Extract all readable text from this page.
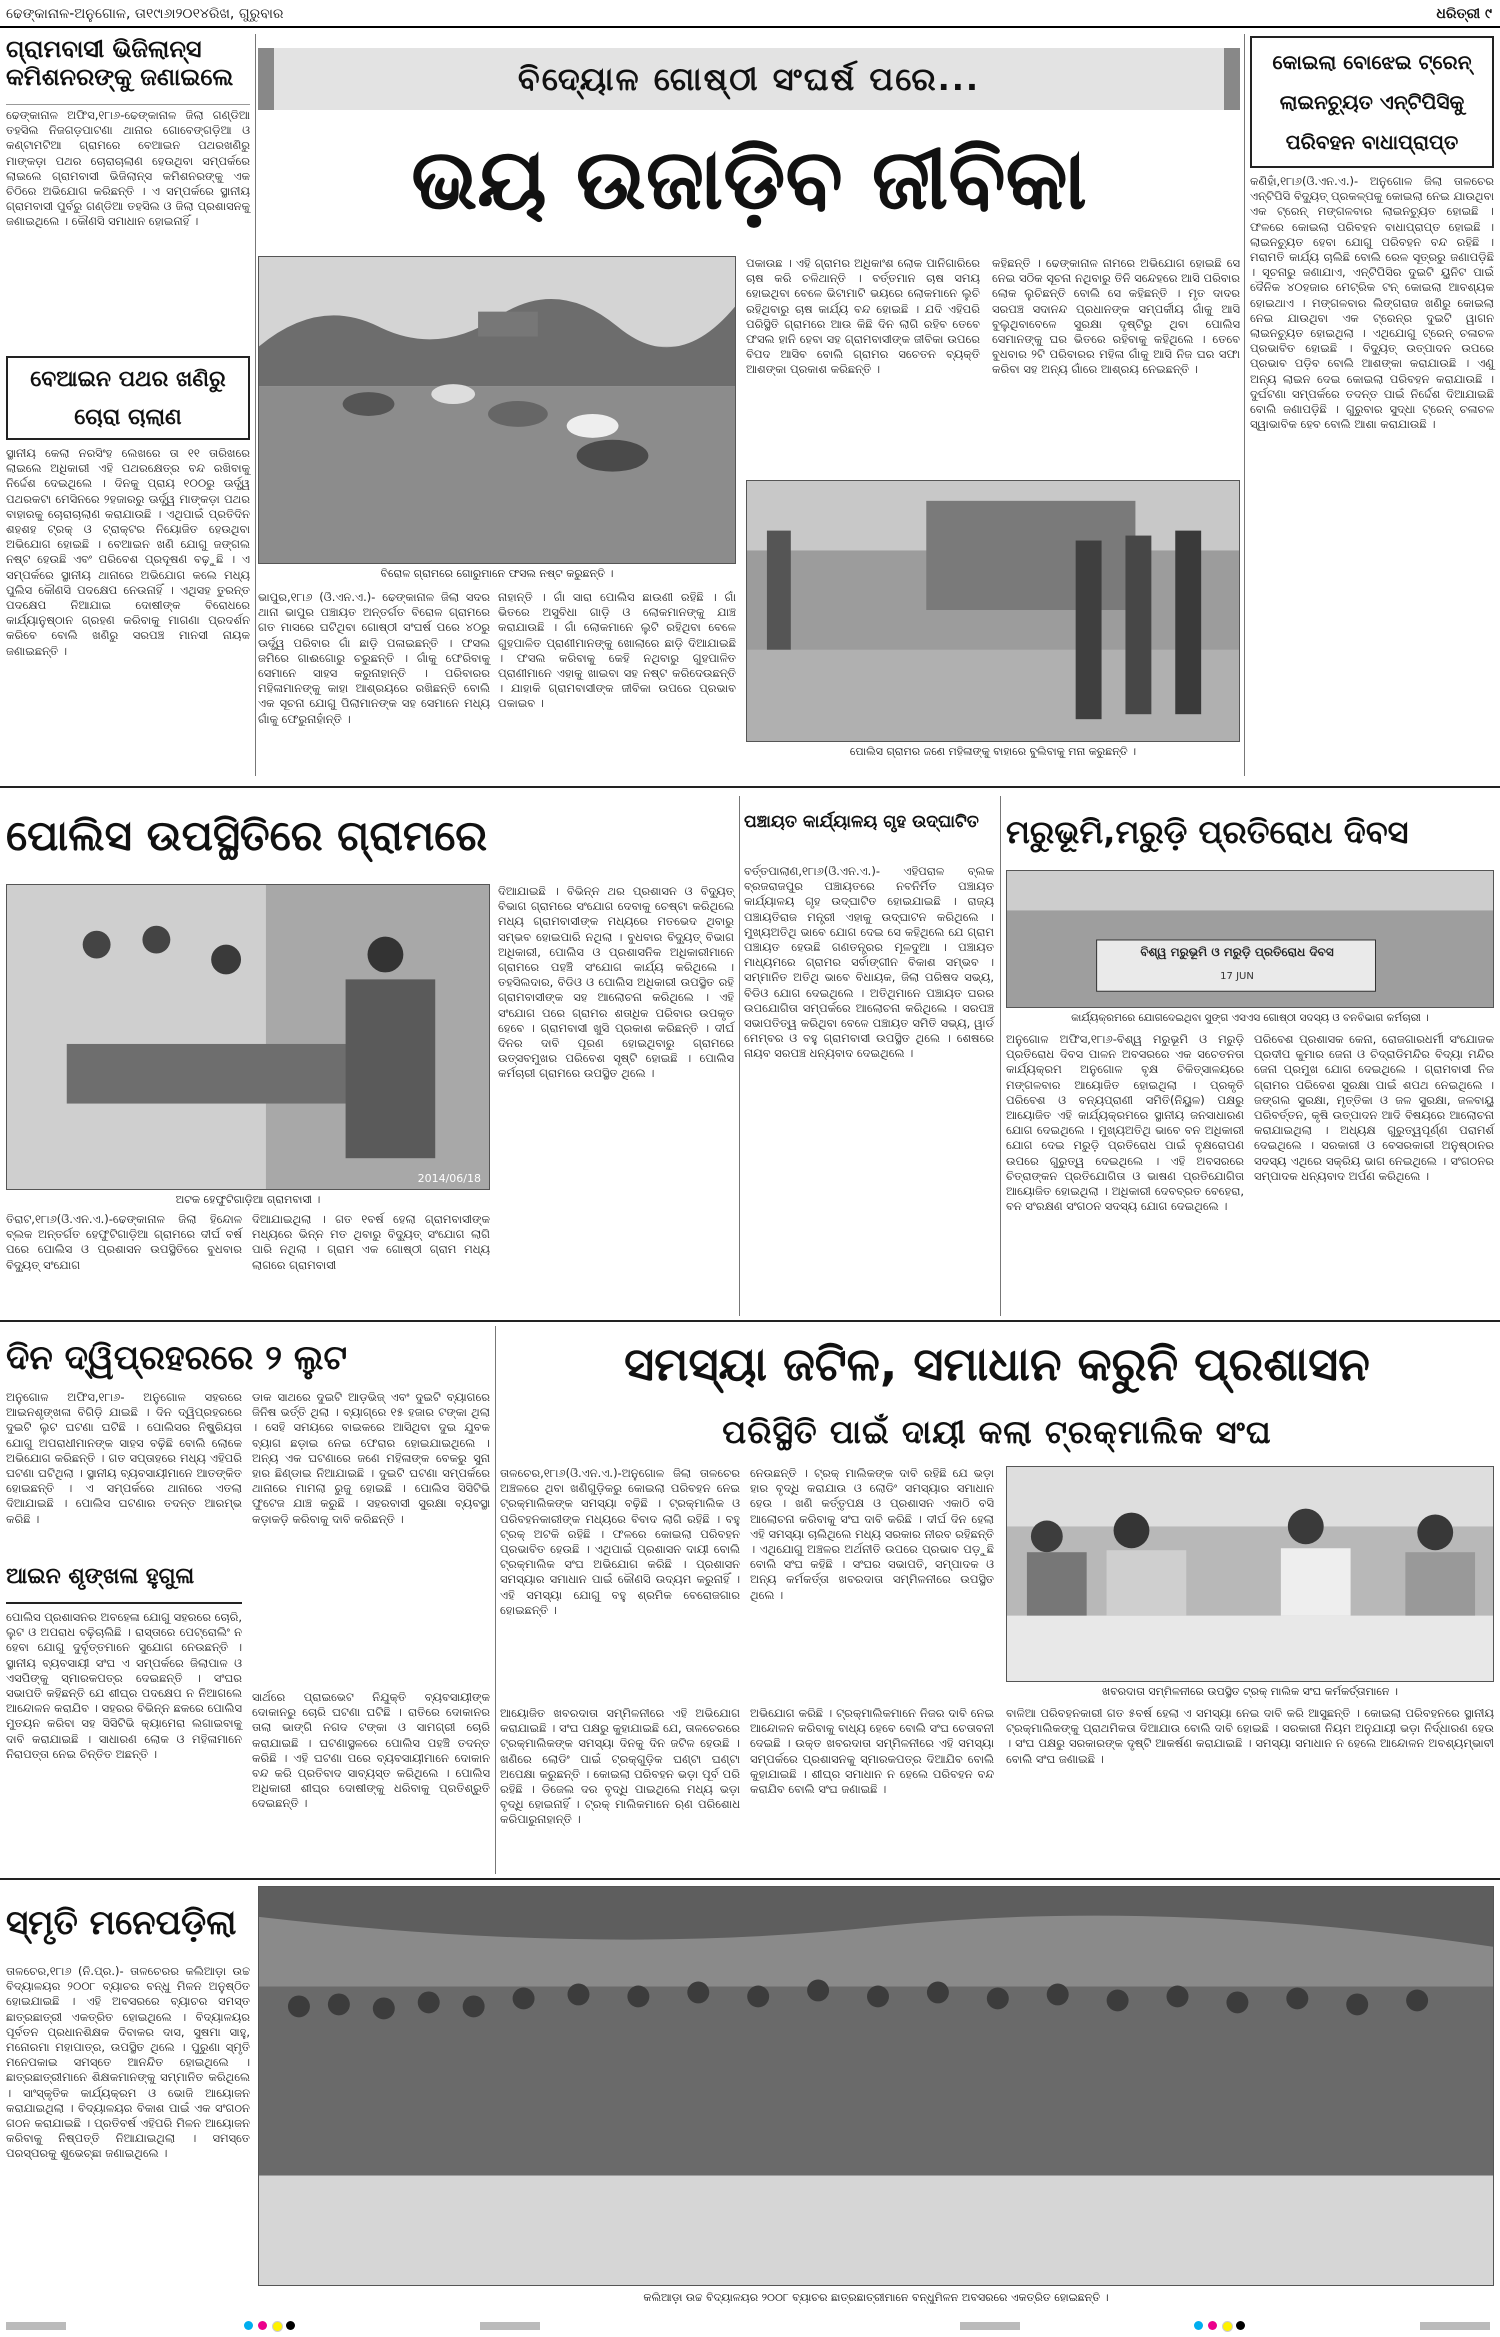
ଢେଙ୍କାନାଳ-ଅନୁଗୋଳ, ତା୧୯ା୬ା୨୦୧୪ରିଖ, ଗୁରୁବାର	ଧରିତ୍ରୀ ୯
ଗ୍ରାମବାସୀ ଭିଜିଲାନ୍ସ କମିଶନରଙ୍କୁ ଜଣାଇଲେ
ଢେଙ୍କାନାଳ ଅଫିସ,୧୮ା୬-ଢେଙ୍କାନାଳ ଜିଲା ଗଣ୍ଡିଆ ତହସିଲ ନିଜଗଡ଼ପାଟଣା ଥାନାର ଗୋବେଙ୍ଗଡ଼ିଆ ଓ କଣ୍ଟାମଟିଆ ଗ୍ରାମରେ ବେଆଇନ ପଥରଖଣିରୁ ମାଙ୍କଡ଼ା ପଥର ଚୋରାଚାଲାଣ ହେଉଥିବା ସମ୍ପର୍କରେ ଲାଇଲେ ଗ୍ରାମବାସୀ ଭିଜିଲାନ୍ସ କମିଶନରଙ୍କୁ ଏକ ଚିଠିରେ ଅଭିଯୋଗ କରିଛନ୍ତି । ଏ ସମ୍ପର୍କରେ ସ୍ଥାନୀୟ ଗ୍ରାମବାସୀ ପୁର୍ବରୁ ଗଣ୍ଡିଆ ତହସିଲ ଓ ଜିଲା ପ୍ରଶାସନକୁ ଜଣାଇଥିଲେ । କୌଣସି ସମାଧାନ ହୋଇନାହିଁ ।
ବେଆଇନ ପଥର ଖଣିରୁ ଚୋରା ଚାଲାଣ
ସ୍ଥାନୀୟ କେଲା ନରସିଂହ ଲେଖରେ ତା ୧୧ ତାରିଖରେ ଲାଇଲେ ଅଧିକାରୀ ଏହି ପଥରକ୍ଷେତ୍ର ବନ୍ଦ ରଖିବାକୁ ନିର୍ଦ୍ଦେଶ ଦେଇଥିଲେ । ଦିନକୁ ପ୍ରାୟ ୧୦୦ରୁ ଊର୍ଦ୍ଧ୍ୱ ପଥରକଟା ମେସିନରେ ୨ହଜାରରୁ ଊର୍ଦ୍ଧ୍ୱ ମାଙ୍କଡ଼ା ପଥର ବାହାରକୁ ଚୋରାଚାଲାଣ କରାଯାଉଛି । ଏଥିପାଇଁ ପ୍ରତିଦିନ ଶହଶହ ଟ୍ରକ୍ ଓ ଟ୍ରାକ୍ଟର ନିୟୋଜିତ ହେଉଥିବା ଅଭିଯୋଗ ହୋଇଛି । ବେଆଇନ ଖଣି ଯୋଗୁ ଜଙ୍ଗଲ ନଷ୍ଟ ହେଉଛି ଏବଂ ପରିବେଶ ପ୍ରଦୂଷଣ ବଢ଼ୁଛି । ଏ ସମ୍ପର୍କରେ ସ୍ଥାନୀୟ ଥାନାରେ ଅଭିଯୋଗ କଲେ ମଧ୍ୟ ପୁଲିସ କୌଣସି ପଦକ୍ଷେପ ନେଉନାହିଁ । ଏଥିସହ ତୁରନ୍ତ ପଦକ୍ଷେପ ନିଆଯାଇ ଦୋଷୀଙ୍କ ବିରୋଧରେ କାର୍ଯ୍ୟାନୁଷ୍ଠାନ ଗ୍ରହଣ କରିବାକୁ ମାଗଣା ପ୍ରଦର୍ଶନ କରିବେ ବୋଲି ଖଣିରୁ ସରପଞ୍ଚ ମାନସୀ ନାୟକ ଜଣାଇଛନ୍ତି ।
ବିଦ୍ୟୋଳ ଗୋଷ୍ଠୀ ସଂଘର୍ଷ ପରେ...
ଭୟ ଉଜାଡ଼ିବ ଜୀବିକା
ବିରୋଳ ଗ୍ରାମରେ ଗୋରୁମାନେ ଫସଲ ନଷ୍ଟ କରୁଛନ୍ତି ।
ଭାପୁର,୧୮ା୬ (ଓି.ଏନ.ଏ.)- ଢେଙ୍କାନାଳ ଜିଲା ସଦର ଥାନା ଭାପୁର ପଞ୍ଚାୟତ ଅନ୍ତର୍ଗତ ବିରୋଳ ଗ୍ରାମରେ ଗତ ମାସରେ ଘଟିଥିବା ଗୋଷ୍ଠୀ ସଂଘର୍ଷ ପରେ ୪୦ରୁ ଊର୍ଦ୍ଧ୍ୱ ପରିବାର ଗାଁ ଛାଡ଼ି ପଳାଇଛନ୍ତି । ଫସଲ ଜମିରେ ଗାଈଗୋରୁ ଚରୁଛନ୍ତି । ଗାଁକୁ ଫେରିବାକୁ ସେମାନେ ସାହସ କରୁନାହାନ୍ତି । ପରିବାରର ମହିଳାମାନଙ୍କୁ କାହା ଆଶ୍ରୟରେ ରଖିଛନ୍ତି ବୋଲି ଏକ ସୂଚନା ଯୋଗୁ ପିଲାମାନଙ୍କ ସହ ସେମାନେ ମଧ୍ୟ ଗାଁକୁ ଫେରୁନାହାଁନ୍ତି ।
ନାହାନ୍ତି । ଗାଁ ସାରା ପୋଲିସ ଛାଉଣୀ ରହିଛି । ଗାଁ ଭିତରେ ଅସୁବିଧା ଗାଡ଼ି ଓ ଲୋକମାନଙ୍କୁ ଯାଞ୍ଚ କରାଯାଉଛି । ଗାଁ ଲୋକମାନେ ଲୁଟି ରହିଥିବା ବେଳେ ଗୁହପାଳିତ ପ୍ରାଣୀମାନଙ୍କୁ ଖୋଲାରେ ଛାଡ଼ି ଦିଆଯାଇଛି । ଫସଲ କରିବାକୁ କେହି ନଥିବାରୁ ଗୁହପାଳିତ ପ୍ରାଣୀମାନେ ଏହାକୁ ଖାଇବା ସହ ନଷ୍ଟ କରିଦେଉଛନ୍ତି । ଯାହାକି ଗ୍ରାମବାସୀଙ୍କ ଜୀବିକା ଉପରେ ପ୍ରଭାବ ପକାଇବ ।
ପକାଉଛ । ଏହି ଗ୍ରାମର ଅଧିକାଂଶ ଲୋକ ପାନିଗାରିରେ ଚାଷ କରି ଚଳିଥାନ୍ତି । ବର୍ତ୍ତମାନ ଚାଷ ସମୟ ହୋଇଥିବା ବେଳେ ଭିଟାମାଟି ଭୟରେ ଲୋକମାନେ ଲୁଚି ରହିଥିବାରୁ ଚାଷ କାର୍ଯ୍ୟ ବନ୍ଦ ହୋଇଛି । ଯଦି ଏହିପରି ପରିସ୍ଥିତି ଗ୍ରାମରେ ଆଉ କିଛି ଦିନ ଲାଗି ରହିବ ତେବେ ଫସଲ ହାନି ହେବା ସହ ଗ୍ରାମବାସୀଙ୍କ ଜୀବିକା ଉପରେ ବିପଦ ଆସିବ ବୋଲି ଗ୍ରାମର ସଚେତନ ବ୍ୟକ୍ତି ଆଶଙ୍କା ପ୍ରକାଶ କରିଛନ୍ତି ।
କହିଛନ୍ତି । ଢେଙ୍କାନାଳ ନାମରେ ଅଭିଯୋଗ ହୋଇଛି ସେ ନେଇ ସଠିକ ସୂଚନା ନଥିବାରୁ ତିନି ସନ୍ଦେହରେ ଆସି ପରିବାର ଲୋକ ଲୁଚିଛନ୍ତି ବୋଲି ସେ କହିଛନ୍ତି । ମୃତ ଦାଦର ସରପଞ୍ଚ ସଦାନନ୍ଦ ପ୍ରଧାନଙ୍କ ସମ୍ପର୍କୀୟ ଗାଁକୁ ଆସି ବୁଲୁଥିବାବେଳେ ସୁରକ୍ଷା ଦୃଷ୍ଟିରୁ ଥିବା ପୋଲିସ ସେମାନଙ୍କୁ ଘର ଭିତରେ ରହିବାକୁ କହିଥିଲେ । ତେବେ ବୁଧବାର ୨ଟି ପରିବାରର ମହିଳା ଗାଁକୁ ଆସି ନିଜ ଘର ସଫା କରିବା ସହ ଅନ୍ୟ ଗାଁରେ ଆଶ୍ରୟ ନେଇଛନ୍ତି ।
ପୋଲିସ ଗ୍ରାମର ଜଣେ ମହିଳାଙ୍କୁ ବାହାରେ ବୁଲିବାକୁ ମନା କରୁଛନ୍ତି ।
କୋଇଲା ବୋଝେଇ ଟ୍ରେନ୍ ଲାଇନଚ୍ୟୁତ ଏନ୍‌ଟିପିସିକୁ ପରିବହନ ବାଧାପ୍ରାପ୍ତ
କଣିହାଁ,୧୮ା୬(ଓି.ଏନ.ଏ.)- ଅନୁଗୋଳ ଜିଲା ତାଳଚେର ଏନ୍‌ଟିପିସି ବିଦ୍ୟୁତ୍ ପ୍ରକଳ୍ପକୁ କୋଇଲା ନେଇ ଯାଉଥିବା ଏକ ଟ୍ରେନ୍ ମଙ୍ଗଳବାର ଲାଇନଚ୍ୟୁତ ହୋଇଛି । ଫଳରେ କୋଇଲା ପରିବହନ ବାଧାପ୍ରାପ୍ତ ହୋଇଛି । ଲାଇନଚ୍ୟୁତ ହେବା ଯୋଗୁ ପରିବହନ ବନ୍ଦ ରହିଛି । ମରାମତି କାର୍ଯ୍ୟ ଚାଲିଛି ବୋଲି ରେଳ ସୂତ୍ରରୁ ଜଣାପଡ଼ିଛି । ସୂଚନାରୁ ଜଣାଯାଏ, ଏନ୍‌ଟିପିସିର ଦୁଇଟି ୟୁନିଟ ପାଇଁ ଦୈନିକ ୪୦ହଜାର ମେଟ୍ରିକ ଟନ୍ କୋଇଲା ଆବଶ୍ୟକ ହୋଇଥାଏ । ମଙ୍ଗଳବାର ଲିଙ୍ଗରାଜ ଖଣିରୁ କୋଇଲା ନେଇ ଯାଉଥିବା ଏକ ଟ୍ରେନ୍‌ର ଦୁଇଟି ୱାଗନ ଲାଇନଚ୍ୟୁତ ହୋଇଥିଲା । ଏଥିଯୋଗୁ ଟ୍ରେନ୍ ଚଳାଚଳ ପ୍ରଭାବିତ ହୋଇଛି । ବିଦ୍ୟୁତ୍ ଉତ୍ପାଦନ ଉପରେ ପ୍ରଭାବ ପଡ଼ିବ ବୋଲି ଆଶଙ୍କା କରାଯାଉଛି । ଏଣୁ ଅନ୍ୟ ଲାଇନ ଦେଇ କୋଇଲା ପରିବହନ କରାଯାଉଛି । ଦୁର୍ଘଟଣା ସମ୍ପର୍କରେ ତଦନ୍ତ ପାଇଁ ନିର୍ଦ୍ଦେଶ ଦିଆଯାଇଛି ବୋଲି ଜଣାପଡ଼ିଛି । ଗୁରୁବାର ସୁଦ୍ଧା ଟ୍ରେନ୍ ଚଳାଚଳ ସ୍ୱାଭାବିକ ହେବ ବୋଲି ଆଶା କରାଯାଉଛି ।
ପୋଲିସ ଉପସ୍ଥିତିରେ ଗ୍ରାମରେ
2014/06/18
ଅଟକ ହେଫୁଟିଗାଡ଼ିଆ ଗ୍ରାମବାସୀ ।
ତିରାଟ,୧୮ା୬(ଓି.ଏନ.ଏ.)-ଢେଙ୍କାନାଳ ଜିଲା ହିନ୍ଦୋଳ ବ୍ଲକ ଅନ୍ତର୍ଗତ ହେଫୁଟିଗାଡ଼ିଆ ଗ୍ରାମରେ ଦୀର୍ଘ ବର୍ଷ ପରେ ପୋଲିସ ଓ ପ୍ରଶାସନ ଉପସ୍ଥିତିରେ ବୁଧବାର ବିଦ୍ୟୁତ୍ ସଂଯୋଗ
ଦିଆଯାଇଥିଲା । ଗତ ୧ବର୍ଷ ହେଲା ଗ୍ରାମବାସୀଙ୍କ ମଧ୍ୟରେ ଭିନ୍ନ ମତ ଥିବାରୁ ବିଦ୍ୟୁତ୍ ସଂଯୋଗ ଲାଗି ପାରି ନଥିଲା । ଗ୍ରାମ ଏକ ଗୋଷ୍ଠୀ ଗ୍ରାମ ମଧ୍ୟ ଲାଗରେ ଗ୍ରାମବାସୀ
ଦିଆଯାଇଛି । ବିଭିନ୍ନ ଥର ପ୍ରଶାସନ ଓ ବିଦ୍ୟୁତ୍ ବିଭାଗ ଗ୍ରାମରେ ସଂଯୋଗ ଦେବାକୁ ଚେଷ୍ଟା କରିଥିଲେ ମଧ୍ୟ ଗ୍ରାମବାସୀଙ୍କ ମଧ୍ୟରେ ମତଭେଦ ଥିବାରୁ ସମ୍ଭବ ହୋଇପାରି ନଥିଲା । ବୁଧବାର ବିଦ୍ୟୁତ୍ ବିଭାଗ ଅଧିକାରୀ, ପୋଲିସ ଓ ପ୍ରଶାସନିକ ଅଧିକାରୀମାନେ ଗ୍ରାମରେ ପହଞ୍ଚି ସଂଯୋଗ କାର୍ଯ୍ୟ କରିଥିଲେ । ତହସିଲଦାର, ବିଡିଓ ଓ ପୋଲିସ ଅଧିକାରୀ ଉପସ୍ଥିତ ରହି ଗ୍ରାମବାସୀଙ୍କ ସହ ଆଲୋଚନା କରିଥିଲେ । ଏହି ସଂଯୋଗ ପରେ ଗ୍ରାମର ଶତାଧିକ ପରିବାର ଉପକୃତ ହେବେ । ଗ୍ରାମବାସୀ ଖୁସି ପ୍ରକାଶ କରିଛନ୍ତି । ଦୀର୍ଘ ଦିନର ଦାବି ପୂରଣ ହୋଇଥିବାରୁ ଗ୍ରାମରେ ଉତ୍ସବମୁଖର ପରିବେଶ ସୃଷ୍ଟି ହୋଇଛି । ପୋଲିସ କର୍ମଚାରୀ ଗ୍ରାମରେ ଉପସ୍ଥିତ ଥିଲେ ।
ପଞ୍ଚାୟତ କାର୍ଯ୍ୟାଳୟ ଗୃହ ଉଦ୍‌ଘାଟିତ
ବର୍ତ୍ତପାଲାଣ,୧୮ା୬(ଓି.ଏନ.ଏ.)- ଏହିପରାଳ ବ୍ଲକ ବ୍ରଜରାଜପୁର ପଞ୍ଚାୟତରେ ନବନିର୍ମିତ ପଞ୍ଚାୟତ କାର୍ଯ୍ୟାଳୟ ଗୃହ ଉଦ୍‌ଘାଟିତ ହୋଇଯାଇଛି । ରାଜ୍ୟ ପଞ୍ଚାୟତିରାଜ ମନ୍ତ୍ରୀ ଏହାକୁ ଉଦ୍‌ଘାଟନ କରିଥିଲେ । ମୁଖ୍ୟଅତିଥି ଭାବେ ଯୋଗ ଦେଇ ସେ କହିଥିଲେ ଯେ ଗ୍ରାମ ପଞ୍ଚାୟତ ହେଉଛି ଗଣତନ୍ତ୍ରର ମୂଳଦୁଆ । ପଞ୍ଚାୟତ ମାଧ୍ୟମରେ ଗ୍ରାମର ସର୍ବାଙ୍ଗୀନ ବିକାଶ ସମ୍ଭବ । ସମ୍ମାନିତ ଅତିଥି ଭାବେ ବିଧାୟକ, ଜିଲା ପରିଷଦ ସଭ୍ୟ, ବିଡିଓ ଯୋଗ ଦେଇଥିଲେ । ଅତିଥିମାନେ ପଞ୍ଚାୟତ ଘରର ଉପଯୋଗିତା ସମ୍ପର୍କରେ ଆଲୋଚନା କରିଥିଲେ । ସରପଞ୍ଚ ସଭାପତିତ୍ୱ କରିଥିବା ବେଳେ ପଞ୍ଚାୟତ ସମିତି ସଭ୍ୟ, ୱାର୍ଡ ମେମ୍ବର ଓ ବହୁ ଗ୍ରାମବାସୀ ଉପସ୍ଥିତ ଥିଲେ । ଶେଷରେ ନାୟବ ସରପଞ୍ଚ ଧନ୍ୟବାଦ ଦେଇଥିଲେ ।
ମରୁଭୂମି,ମରୁଡ଼ି ପ୍ରତିରୋଧ ଦିବସ
ବିଶ୍ୱ ମରୁଭୂମି ଓ ମରୁଡ଼ି ପ୍ରତିରୋଧ ଦିବସ
17 JUN
କାର୍ଯ୍ୟକ୍ରମରେ ଯୋଗଦେଇଥିବା ସୁଙ୍ଗ ଏସଏସ ଗୋଷ୍ଠୀ ସଦସ୍ୟ ଓ ବନବିଭାଗ କର୍ମଚାରୀ ।
ଅନୁଗୋଳ ଅଫିସ,୧୮ା୬-ବିଶ୍ୱ ମରୁଭୂମି ଓ ମରୁଡ଼ି ପ୍ରତିରୋଧ ଦିବସ ପାଳନ ଅବସରରେ ଏକ ସଚେତନତା କାର୍ଯ୍ୟକ୍ରମ ଅନୁଗୋଳ ବୃକ୍ଷ ଚିକିତ୍ସାଳୟରେ ମଙ୍ଗଳବାର ଆୟୋଜିତ ହୋଇଥିଲା । ପ୍ରକୃତି ପରିବେଶ ଓ ବନ୍ୟପ୍ରାଣୀ ସମିତି(ନିୟୁଳ) ପକ୍ଷରୁ ଆୟୋଜିତ ଏହି କାର୍ଯ୍ୟକ୍ରମରେ ସ୍ଥାନୀୟ ଜନସାଧାରଣ ଯୋଗ ଦେଇଥିଲେ । ମୁଖ୍ୟଅତିଥି ଭାବେ ବନ ଅଧିକାରୀ ଯୋଗ ଦେଇ ମରୁଡ଼ି ପ୍ରତିରୋଧ ପାଇଁ ବୃକ୍ଷରୋପଣ ଉପରେ ଗୁରୁତ୍ୱ ଦେଇଥିଲେ । ଏହି ଅବସରରେ ଚିତ୍ରାଙ୍କନ ପ୍ରତିଯୋଗିତା ଓ ଭାଷଣ ପ୍ରତିଯୋଗିତା ଆୟୋଜିତ ହୋଇଥିଲା । ଅଧିକାରୀ ଦେବବ୍ରତ ବେହେରା, ବନ ସଂରକ୍ଷଣ ସଂଗଠନ ସଦସ୍ୟ ଯୋଗ ଦେଇଥିଲେ ।
ପରିବେଶ ପ୍ରଶାସକ କେନା, ରୋଜଗାରଧର୍ମୀ ସଂଯୋଜକ ପ୍ରଦୀପ କୁମାର ଜେନା ଓ ଚିଦ୍ରାଡିମନ୍ଦିର ବିଦ୍ୟା ମନ୍ଦିର ଜେନା ପ୍ରମୁଖ ଯୋଗ ଦେଇଥିଲେ । ଗ୍ରାମବାସୀ ନିଜ ଗ୍ରାମର ପରିବେଶ ସୁରକ୍ଷା ପାଇଁ ଶପଥ ନେଇଥିଲେ । ଜଙ୍ଗଲ ସୁରକ୍ଷା, ମୃତ୍ତିକା ଓ ଜଳ ସୁରକ୍ଷା, ଜଳବାୟୁ ପରିବର୍ତ୍ତନ, କୃଷି ଉତ୍ପାଦନ ଆଦି ବିଷୟରେ ଆଲୋଚନା କରାଯାଇଥିଲା । ଅଧ୍ୟକ୍ଷ ଗୁରୁତ୍ୱପୂର୍ଣ୍ଣ ପରାମର୍ଶ ଦେଇଥିଲେ । ସରକାରୀ ଓ ବେସରକାରୀ ଅନୁଷ୍ଠାନର ସଦସ୍ୟ ଏଥିରେ ସକ୍ରିୟ ଭାଗ ନେଇଥିଲେ । ସଂଗଠନର ସମ୍ପାଦକ ଧନ୍ୟବାଦ ଅର୍ପଣ କରିଥିଲେ ।
ଦିନ ଦ୍ୱିପ୍ରହରରେ ୨ ଲୁଟ
ଅନୁଗୋଳ ଅଫିସ,୧୮ା୬- ଅନୁଗୋଳ ସହରରେ ଆଇନଶୃଙ୍ଖଳା ବିଗିଡ଼ି ଯାଇଛି । ଦିନ ଦ୍ୱିପ୍ରହରରେ ଦୁଇଟି ଲୁଟ ଘଟଣା ଘଟିଛି । ପୋଲିସର ନିଷ୍କ୍ରିୟତା ଯୋଗୁ ଅପରାଧୀମାନଙ୍କ ସାହସ ବଢ଼ିଛି ବୋଲି ଲୋକେ ଅଭିଯୋଗ କରିଛନ୍ତି । ଗତ ସପ୍ତାହରେ ମଧ୍ୟ ଏହିପରି ଘଟଣା ଘଟିଥିଲା । ସ୍ଥାନୀୟ ବ୍ୟବସାୟୀମାନେ ଆତଙ୍କିତ ହୋଇଛନ୍ତି । ଏ ସମ୍ପର୍କରେ ଥାନାରେ ଏତଲା ଦିଆଯାଇଛି । ପୋଲିସ ଘଟଣାର ତଦନ୍ତ ଆରମ୍ଭ କରିଛି ।
ଆଇନ ଶୃଙ୍ଖଳା ହୁଗୁଳା
ପୋଲିସ ପ୍ରଶାସନର ଅବହେଳା ଯୋଗୁ ସହରରେ ଚୋରି, ଲୁଟ ଓ ଅପରାଧ ବଢ଼ିଚାଲିଛି । ରାସ୍ତାରେ ପେଟ୍ରୋଲିଂ ନ ହେବା ଯୋଗୁ ଦୁର୍ବୃତ୍ତମାନେ ସୁଯୋଗ ନେଉଛନ୍ତି । ସ୍ଥାନୀୟ ବ୍ୟବସାୟୀ ସଂଘ ଏ ସମ୍ପର୍କରେ ଜିଲାପାଳ ଓ ଏସପିଙ୍କୁ ସ୍ମାରକପତ୍ର ଦେଇଛନ୍ତି । ସଂଘର ସଭାପତି କହିଛନ୍ତି ଯେ ଶୀଘ୍ର ପଦକ୍ଷେପ ନ ନିଆଗଲେ ଆନ୍ଦୋଳନ କରାଯିବ । ସହରର ବିଭିନ୍ନ ଛକରେ ପୋଲିସ ମୁତୟନ କରିବା ସହ ସିସିଟିଭି କ୍ୟାମେରା ଲଗାଇବାକୁ ଦାବି କରାଯାଇଛି । ସାଧାରଣ ଲୋକ ଓ ମହିଳାମାନେ ନିରାପତ୍ତା ନେଇ ଚିନ୍ତିତ ଅଛନ୍ତି ।
ଡାକ ସାଥରେ ଦୁଇଟି ଆଡ଼ଭିଜ୍ ଏବଂ ଦୁଇଟି ବ୍ୟାଗରେ ଜିନିଷ ଭର୍ତ୍ତି ଥିଲା । ବ୍ୟାଗ୍‌ରେ ୧୫ ହଜାର ଟଙ୍କା ଥିଲା । ସେହି ସମୟରେ ବାଇକରେ ଆସିଥିବା ଦୁଇ ଯୁବକ ବ୍ୟାଗ ଛଡ଼ାଇ ନେଇ ଫେରାର ହୋଇଯାଇଥିଲେ । ଅନ୍ୟ ଏକ ଘଟଣାରେ ଜଣେ ମହିଳାଙ୍କ ବେକରୁ ସୁନା ହାର ଛିଣ୍ଡାଇ ନିଆଯାଇଛି । ଦୁଇଟି ଘଟଣା ସମ୍ପର୍କରେ ଥାନାରେ ମାମଲା ରୁଜୁ ହୋଇଛି । ପୋଲିସ ସିସିଟିଭି ଫୁଟେଜ ଯାଞ୍ଚ କରୁଛି । ସହରବାସୀ ସୁରକ୍ଷା ବ୍ୟବସ୍ଥା କଡ଼ାକଡ଼ି କରିବାକୁ ଦାବି କରିଛନ୍ତି ।
ସାର୍ଥରେ ପ୍ରାଇଭେଟ ନିଯୁକ୍ତି ବ୍ୟବସାୟୀଙ୍କ ଦୋକାନରୁ ଚୋରି ଘଟଣା ଘଟିଛି । ରାତିରେ ଦୋକାନର ତାଲା ଭାଙ୍ଗି ନଗଦ ଟଙ୍କା ଓ ସାମଗ୍ରୀ ଚୋରି କରାଯାଇଛି । ଘଟଣାସ୍ଥଳରେ ପୋଲିସ ପହଞ୍ଚି ତଦନ୍ତ କରିଛି । ଏହି ଘଟଣା ପରେ ବ୍ୟବସାୟୀମାନେ ଦୋକାନ ବନ୍ଦ କରି ପ୍ରତିବାଦ ସାବ୍ୟସ୍ତ କରିଥିଲେ । ପୋଲିସ ଅଧିକାରୀ ଶୀଘ୍ର ଦୋଷୀଙ୍କୁ ଧରିବାକୁ ପ୍ରତିଶ୍ରୁତି ଦେଇଛନ୍ତି ।
ସମସ୍ୟା ଜଟିଳ, ସମାଧାନ କରୁନି ପ୍ରଶାସନ
ପରିସ୍ଥିତି ପାଇଁ ଦାୟୀ କଲା ଟ୍ରକ୍‌ମାଲିକ ସଂଘ
ତାଳଚେର,୧୮ା୬(ଓି.ଏନ.ଏ.)-ଅନୁଗୋଳ ଜିଲା ତାଳଚେର ଅଞ୍ଚଳରେ ଥିବା ଖଣିଗୁଡ଼ିକରୁ କୋଇଲା ପରିବହନ ନେଇ ଟ୍ରକ୍‌ମାଲିକଙ୍କ ସମସ୍ୟା ବଢ଼ିଛି । ଟ୍ରକ୍‌ମାଲିକ ଓ ପରିବହନକାରୀଙ୍କ ମଧ୍ୟରେ ବିବାଦ ଲାଗି ରହିଛି । ବହୁ ଟ୍ରକ୍ ଅଟକି ରହିଛି । ଫଳରେ କୋଇଲା ପରିବହନ ପ୍ରଭାବିତ ହେଉଛି । ଏଥିପାଇଁ ପ୍ରଶାସନ ଦାୟୀ ବୋଲି ଟ୍ରକ୍‌ମାଲିକ ସଂଘ ଅଭିଯୋଗ କରିଛି । ପ୍ରଶାସନ ସମସ୍ୟାର ସମାଧାନ ପାଇଁ କୌଣସି ଉଦ୍ୟମ କରୁନାହିଁ । ଏହି ସମସ୍ୟା ଯୋଗୁ ବହୁ ଶ୍ରମିକ ବେରୋଜଗାର ହୋଇଛନ୍ତି ।
ନେଉଛନ୍ତି । ଟ୍ରକ୍ ମାଲିକଙ୍କ ଦାବି ରହିଛି ଯେ ଭଡ଼ା ହାର ବୃଦ୍ଧି କରାଯାଉ ଓ ଲୋଡିଂ ସମସ୍ୟାର ସମାଧାନ ହେଉ । ଖଣି କର୍ତ୍ତୃପକ୍ଷ ଓ ପ୍ରଶାସନ ଏକାଠି ବସି ଆଲୋଚନା କରିବାକୁ ସଂଘ ଦାବି କରିଛି । ଦୀର୍ଘ ଦିନ ହେଲା ଏହି ସମସ୍ୟା ଚାଲିଥିଲେ ମଧ୍ୟ ସରକାର ନୀରବ ରହିଛନ୍ତି । ଏଥିଯୋଗୁ ଅଞ୍ଚଳର ଅର୍ଥନୀତି ଉପରେ ପ୍ରଭାବ ପଡ଼ୁଛି ବୋଲି ସଂଘ କହିଛି । ସଂଘର ସଭାପତି, ସମ୍ପାଦକ ଓ ଅନ୍ୟ କର୍ମକର୍ତ୍ତା ଖବରଦାତା ସମ୍ମିଳନୀରେ ଉପସ୍ଥିତ ଥିଲେ ।
ଖବରଦାତା ସମ୍ମିଳନୀରେ ଉପସ୍ଥିତ ଟ୍ରକ୍ ମାଲିକ ସଂଘ କର୍ମକର୍ତ୍ତାମାନେ ।
ଆୟୋଜିତ ଖବରଦାତା ସମ୍ମିଳନୀରେ ଏହି ଅଭିଯୋଗ କରାଯାଇଛି । ସଂଘ ପକ୍ଷରୁ କୁହାଯାଇଛି ଯେ, ତାଳଚେରରେ ଟ୍ରକ୍‌ମାଲିକଙ୍କ ସମସ୍ୟା ଦିନକୁ ଦିନ ଜଟିଳ ହେଉଛି । ଖଣିରେ ଲୋଡିଂ ପାଇଁ ଟ୍ରକ୍‌ଗୁଡ଼ିକ ଘଣ୍ଟା ଘଣ୍ଟା ଅପେକ୍ଷା କରୁଛନ୍ତି । କୋଇଲା ପରିବହନ ଭଡ଼ା ପୂର୍ବ ପରି ରହିଛି । ଡିଜେଲ ଦର ବୃଦ୍ଧି ପାଇଥିଲେ ମଧ୍ୟ ଭଡ଼ା ବୃଦ୍ଧି ହୋଇନାହିଁ । ଟ୍ରକ୍ ମାଲିକମାନେ ଋଣ ପରିଶୋଧ କରିପାରୁନାହାନ୍ତି ।
ଅଭିଯୋଗ କରିଛି । ଟ୍ରକ୍‌ମାଲିକମାନେ ନିଜର ଦାବି ନେଇ ଆନ୍ଦୋଳନ କରିବାକୁ ବାଧ୍ୟ ହେବେ ବୋଲି ସଂଘ ଚେତାବନୀ ଦେଇଛି । ଉକ୍ତ ଖବରଦାତା ସମ୍ମିଳନୀରେ ଏହି ସମସ୍ୟା ସମ୍ପର୍କରେ ପ୍ରଶାସନକୁ ସ୍ମାରକପତ୍ର ଦିଆଯିବ ବୋଲି କୁହାଯାଇଛି । ଶୀଘ୍ର ସମାଧାନ ନ ହେଲେ ପରିବହନ ବନ୍ଦ କରାଯିବ ବୋଲି ସଂଘ ଜଣାଇଛି ।
ବାଳିଆ ପରିବହନକାରୀ ଗତ ୫ବର୍ଷ ହେଲା ଏ ସମସ୍ୟା ନେଇ ଦାବି କରି ଆସୁଛନ୍ତି । କୋଇଲା ପରିବହନରେ ସ୍ଥାନୀୟ ଟ୍ରକ୍‌ମାଲିକଙ୍କୁ ପ୍ରାଥମିକତା ଦିଆଯାଉ ବୋଲି ଦାବି ହୋଇଛି । ସରକାରୀ ନିୟମ ଅନୁଯାୟୀ ଭଡ଼ା ନିର୍ଦ୍ଧାରଣ ହେଉ । ସଂଘ ପକ୍ଷରୁ ସରକାରଙ୍କ ଦୃଷ୍ଟି ଆକର୍ଷଣ କରାଯାଇଛି । ସମସ୍ୟା ସମାଧାନ ନ ହେଲେ ଆନ୍ଦୋଳନ ଅବଶ୍ୟମ୍ଭାବୀ ବୋଲି ସଂଘ ଜଣାଇଛି ।
ସ୍ମୃତି ମନେପଡ଼ିଲା
ତାଳଚେର,୧୮ା୬ (ନି.ପ୍ର.)- ତାଳଚେରର କଲିଆଡ଼ା ଉଚ୍ଚ ବିଦ୍ୟାଳୟର ୨୦୦୮ ବ୍ୟାଚର ବନ୍ଧୁ ମିଳନ ଅନୁଷ୍ଠିତ ହୋଇଯାଇଛି । ଏହି ଅବସରରେ ବ୍ୟାଚର ସମସ୍ତ ଛାତ୍ରଛାତ୍ରୀ ଏକତ୍ରିତ ହୋଇଥିଲେ । ବିଦ୍ୟାଳୟର ପୂର୍ବତନ ପ୍ରଧାନଶିକ୍ଷକ ଦିବାକର ଦାସ, ସୁଷମା ସାହୁ, ମନୋରମା ମହାପାତ୍ର, ଉପସ୍ଥିତ ଥିଲେ । ପୁରୁଣା ସ୍ମୃତି ମନେପକାଇ ସମସ୍ତେ ଆନନ୍ଦିତ ହୋଇଥିଲେ । ଛାତ୍ରଛାତ୍ରୀମାନେ ଶିକ୍ଷକମାନଙ୍କୁ ସମ୍ମାନିତ କରିଥିଲେ । ସାଂସ୍କୃତିକ କାର୍ଯ୍ୟକ୍ରମ ଓ ଭୋଜି ଆୟୋଜନ କରାଯାଇଥିଲା । ବିଦ୍ୟାଳୟର ବିକାଶ ପାଇଁ ଏକ ସଂଗଠନ ଗଠନ କରାଯାଇଛି । ପ୍ରତିବର୍ଷ ଏହିପରି ମିଳନ ଆୟୋଜନ କରିବାକୁ ନିଷ୍ପତ୍ତି ନିଆଯାଇଥିଲା । ସମସ୍ତେ ପରସ୍ପରକୁ ଶୁଭେଚ୍ଛା ଜଣାଇଥିଲେ ।
କଲିଆଡ଼ା ଉଚ୍ଚ ବିଦ୍ୟାଳୟର ୨୦୦୮ ବ୍ୟାଚର ଛାତ୍ରଛାତ୍ରୀମାନେ ବନ୍ଧୁମିଳନ ଅବସରରେ ଏକତ୍ରିତ ହୋଇଛନ୍ତି ।
